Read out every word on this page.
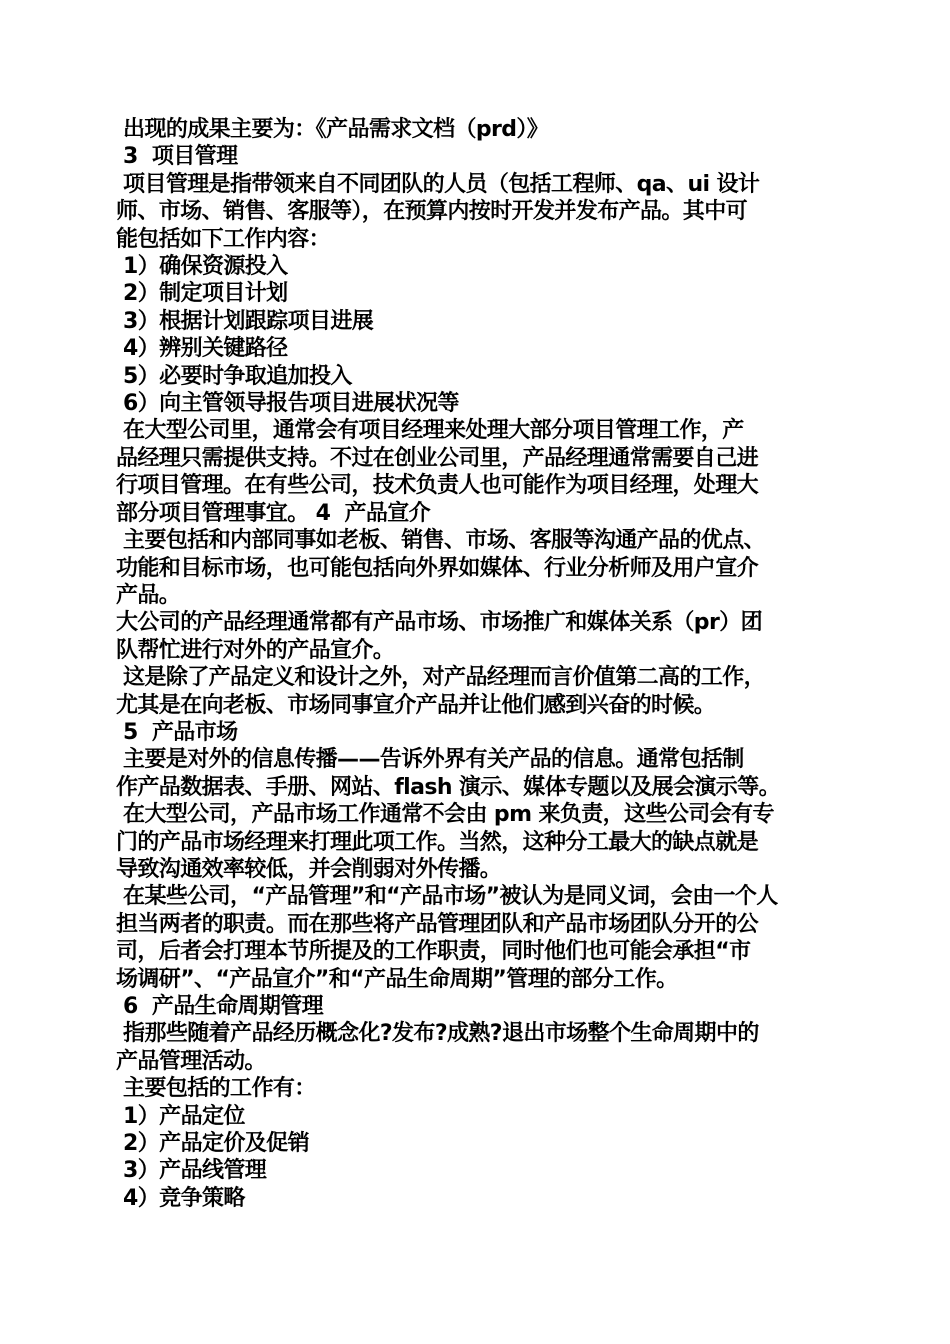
出现的成果主要为：《产品需求文档（prd）》

3  项目管理

项目管理是指带领来自不同团队的人员（包括工程师、qa、ui 设计

师、市场、销售、客服等），在预算内按时开发并发布产品。其中可

能包括如下工作内容：

1）确保资源投入

2）制定项目计划

3）根据计划跟踪项目进展

4）辨别关键路径

5）必要时争取追加投入

6）向主管领导报告项目进展状况等

在大型公司里，通常会有项目经理来处理大部分项目管理工作，产

品经理只需提供支持。不过在创业公司里，产品经理通常需要自己进

行项目管理。在有些公司，技术负责人也可能作为项目经理，处理大

部分项目管理事宜。 4  产品宣介

主要包括和内部同事如老板、销售、市场、客服等沟通产品的优点、

功能和目标市场，也可能包括向外界如媒体、行业分析师及用户宣介

产品。

大公司的产品经理通常都有产品市场、市场推广和媒体关系（pr）团

队帮忙进行对外的产品宣介。

这是除了产品定义和设计之外，对产品经理而言价值第二高的工作，

尤其是在向老板、市场同事宣介产品并让他们感到兴奋的时候。

5  产品市场

主要是对外的信息传播——告诉外界有关产品的信息。通常包括制

作产品数据表、手册、网站、flash 演示、媒体专题以及展会演示等。

在大型公司，产品市场工作通常不会由 pm 来负责，这些公司会有专

门的产品市场经理来打理此项工作。当然，这种分工最大的缺点就是

导致沟通效率较低，并会削弱对外传播。

在某些公司，“产品管理”和“产品市场”被认为是同义词，会由一个人

担当两者的职责。而在那些将产品管理团队和产品市场团队分开的公

司，后者会打理本节所提及的工作职责，同时他们也可能会承担“市

场调研”、“产品宣介”和“产品生命周期”管理的部分工作。

6  产品生命周期管理

指那些随着产品经历概念化?发布?成熟?退出市场整个生命周期中的

产品管理活动。

主要包括的工作有：

1）产品定位

2）产品定价及促销

3）产品线管理

4）竞争策略
